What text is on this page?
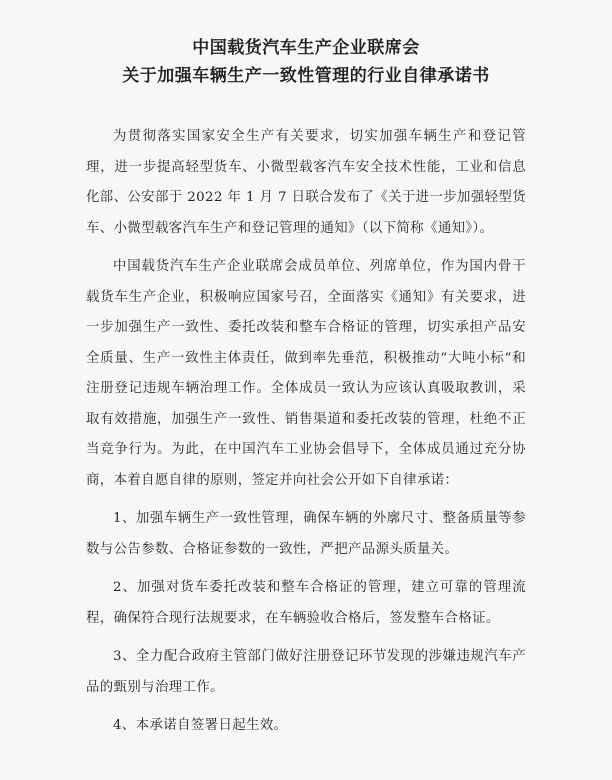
中国载货汽车生产企业联席会
关于加强车辆生产一致性管理的行业自律承诺书

为贯彻落实国家安全生产有关要求，切实加强车辆生产和登记管理，进一步提高轻型货车、小微型载客汽车安全技术性能，工业和信息化部、公安部于 2022 年 1 月 7 日联合发布了《关于进一步加强轻型货车、小微型载客汽车生产和登记管理的通知》（以下简称《通知》）。

中国载货汽车生产企业联席会成员单位、列席单位，作为国内骨干载货车生产企业，积极响应国家号召，全面落实《通知》有关要求，进一步加强生产一致性、委托改装和整车合格证的管理，切实承担产品安全质量、生产一致性主体责任，做到率先垂范，积极推动“大吨小标”和注册登记违规车辆治理工作。全体成员一致认为应该认真吸取教训，采取有效措施，加强生产一致性、销售渠道和委托改装的管理，杜绝不正当竞争行为。为此，在中国汽车工业协会倡导下，全体成员通过充分协商，本着自愿自律的原则，签定并向社会公开如下自律承诺：

1、加强车辆生产一致性管理，确保车辆的外廓尺寸、整备质量等参数与公告参数、合格证参数的一致性，严把产品源头质量关。

2、加强对货车委托改装和整车合格证的管理，建立可靠的管理流程，确保符合现行法规要求，在车辆验收合格后，签发整车合格证。

3、全力配合政府主管部门做好注册登记环节发现的涉嫌违规汽车产品的甄别与治理工作。

4、本承诺自签署日起生效。
